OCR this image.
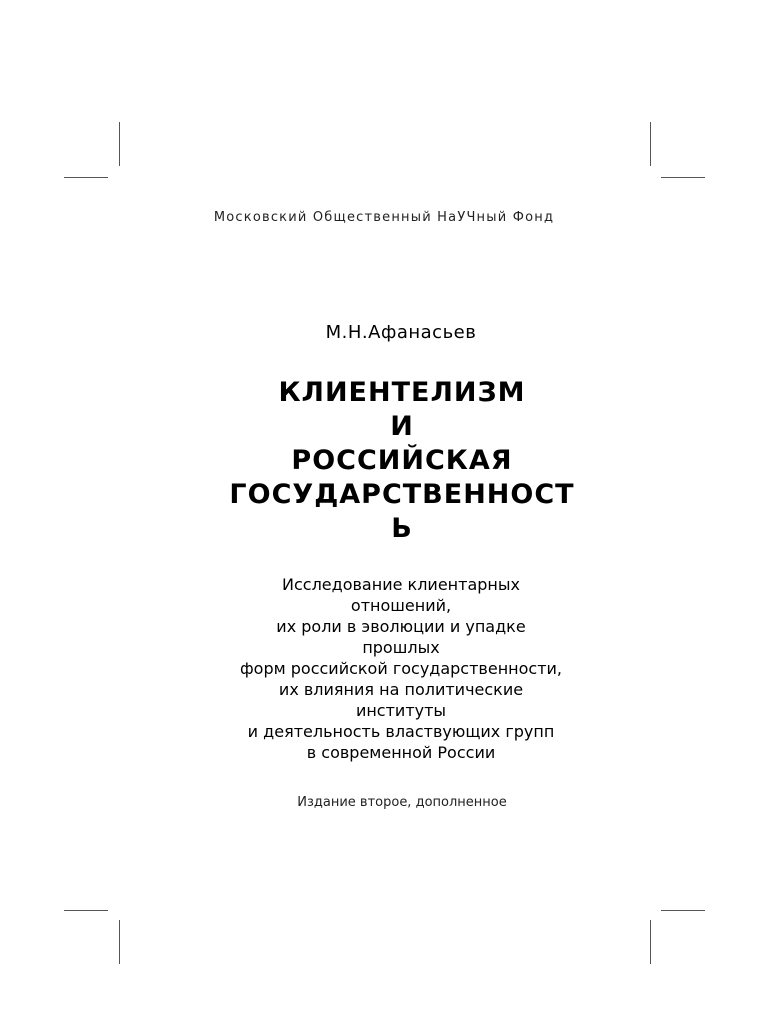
Московский Общественный НаУЧный Фонд
М.Н.Афанасьев
КЛИЕНТЕЛИЗМ
И
РОССИЙСКАЯ
ГОСУДАРСТВЕННОСТ
Ь
Исследование клиентарных
отношений,
их роли в эволюции и упадке
прошлых
форм российской государственности,
их влияния на политические
институты
и деятельность властвующих групп
в современной России
Издание второе, дополненное
